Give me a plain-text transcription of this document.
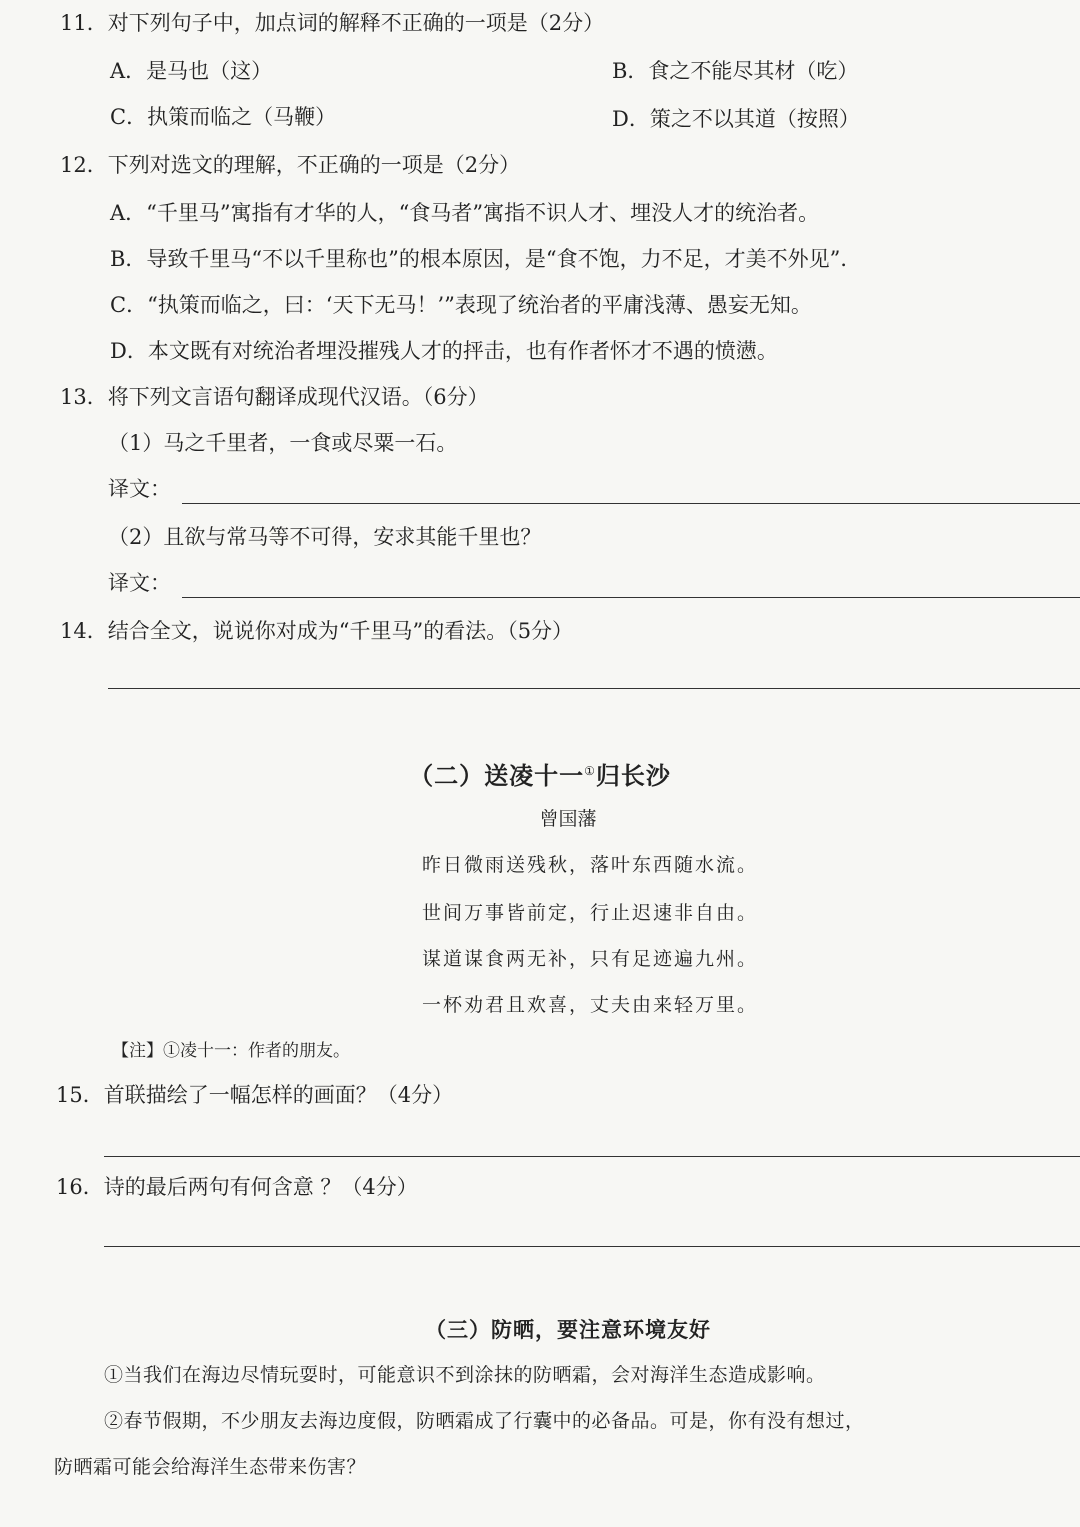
11．对下列句子中，加点词的解释不正确的一项是（2分）
A．是马也（这）	B．食之不能尽其材（吃）
C．执策而临之（马鞭）	D．策之不以其道（按照）
12．下列对选文的理解，不正确的一项是（2分）
A．“千里马”寓指有才华的人，“食马者”寓指不识人才、埋没人才的统治者。
B．导致千里马“不以千里称也”的根本原因，是“食不饱，力不足，才美不外见”．
C．“执策而临之，曰：‘天下无马！’”表现了统治者的平庸浅薄、愚妄无知。
D．本文既有对统治者埋没摧残人才的抨击，也有作者怀才不遇的愤懑。
13．将下列文言语句翻译成现代汉语。（6分）
（1）马之千里者，一食或尽粟一石。
译文：
（2）且欲与常马等不可得，安求其能千里也？
译文：
14．结合全文，说说你对成为“千里马”的看法。（5分）
（二）送凌十一①归长沙
曾国藩
昨日微雨送残秋，落叶东西随水流。
世间万事皆前定，行止迟速非自由。
谋道谋食两无补，只有足迹遍九州。
一杯劝君且欢喜，丈夫由来轻万里。
【注】①凌十一：作者的朋友。
15．首联描绘了一幅怎样的画面？（4分）
16．诗的最后两句有何含意 ？（4分）
（三）防晒，要注意环境友好
①当我们在海边尽情玩耍时，可能意识不到涂抹的防晒霜，会对海洋生态造成影响。
②春节假期，不少朋友去海边度假，防晒霜成了行囊中的必备品。可是，你有没有想过，
防晒霜可能会给海洋生态带来伤害？
